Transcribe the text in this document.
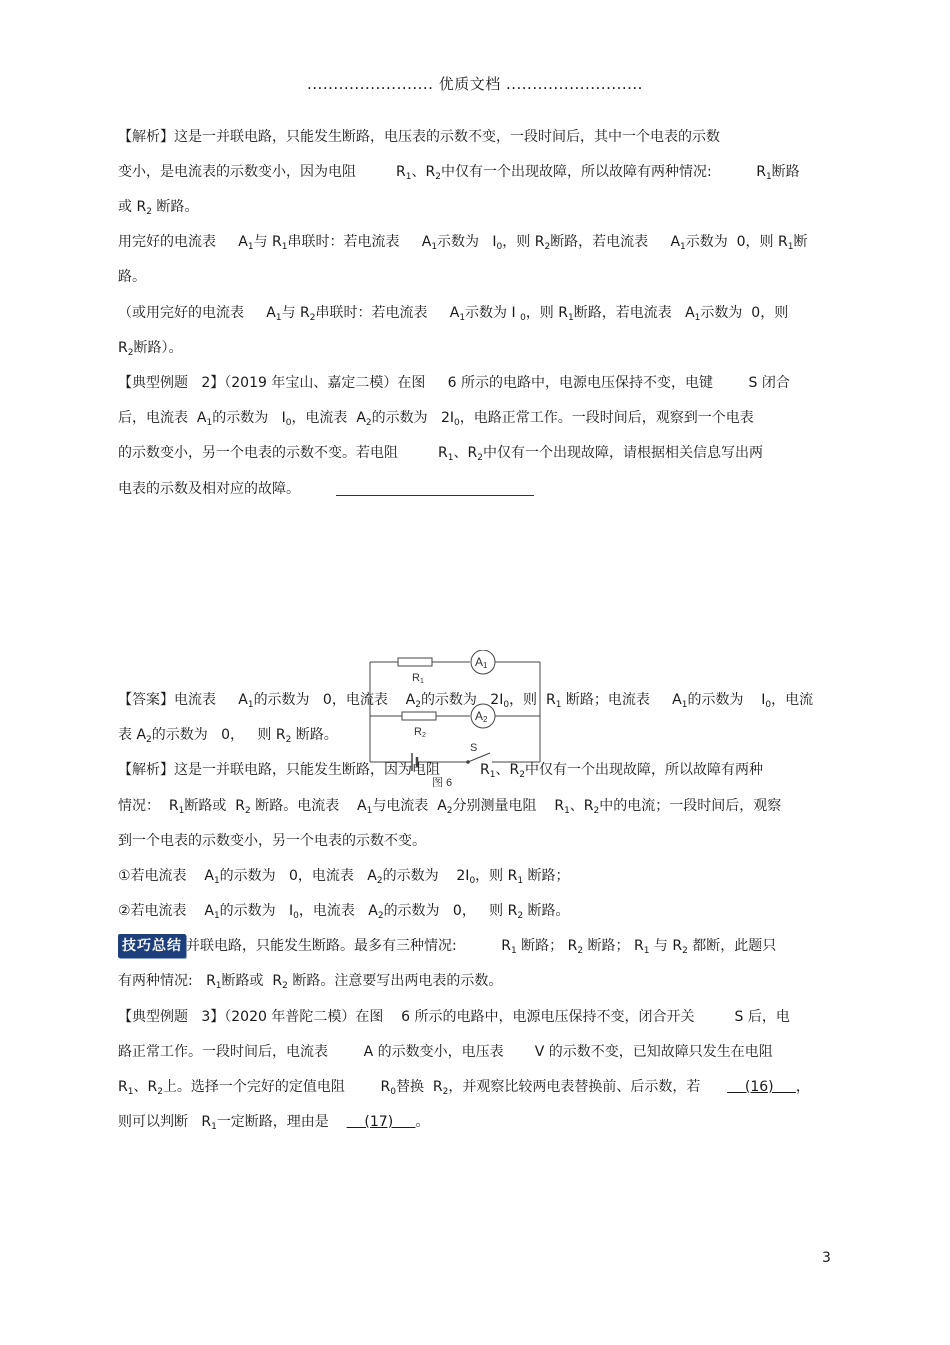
........................ 优质文档 ..........................
【解析】这是一并联电路，只能发生断路，电压表的示数不变，一段时间后，其中一个电表的示数
变小，是电流表的示数变小，因为电阻         $R_1$、$R_2$中仅有一个出现故障，所以故障有两种情况:          $R_1$断路
或 $R_2$ 断路。
用完好的电流表     $A_1$与 $R_1$串联时：若电流表     $A_1$示数为   $I_0$，则 $R_2$断路，若电流表     $A_1$示数为  0，则 $R_1$断
路。
（或用完好的电流表     $A_1$与 $R_2$串联时：若电流表     $A_1$示数为 I $_0$，则 $R_1$断路，若电流表   $A_1$示数为  0，则
$R_2$断路）。
【典型例题   2】（2019 年宝山、嘉定二模）在图     6 所示的电路中，电源电压保持不变，电键        S 闭合
后，电流表  $A_1$的示数为   $I_0$，电流表  $A_2$的示数为   $2I_0$，电路正常工作。一段时间后，观察到一个电表
的示数变小，另一个电表的示数不变。若电阻         $R_1$、$R_2$中仅有一个出现故障，请根据相关信息写出两
电表的示数及相对应的故障。
R1
R2
A1
A2
S
图 6
【答案】电流表     $A_1$的示数为   0，电流表    $A_2$的示数为   $2I_0$，则  $R_1$ 断路；电流表     $A_1$的示数为    $I_0$，电流
表 $A_2$的示数为   0，   则 $R_2$ 断路。
【解析】这是一并联电路，只能发生断路，因为电阻         $R_1$、$R_2$中仅有一个出现故障，所以故障有两种
情况：  $R_1$断路或  $R_2$ 断路。电流表    $A_1$与电流表  $A_2$分别测量电阻    $R_1$、$R_2$中的电流；一段时间后，观察
到一个电表的示数变小，另一个电表的示数不变。
①若电流表    $A_1$的示数为   0，电流表   $A_2$的示数为    $2I_0$，则 $R_1$ 断路；
②若电流表    $A_1$的示数为   $I_0$，电流表   $A_2$的示数为   0，   则 $R_2$ 断路。
技巧总结 并联电路，只能发生断路。最多有三种情况:          $R_1$ 断路； $R_2$ 断路； $R_1$ 与 $R_2$ 都断，此题只
有两种情况:   $R_1$断路或  $R_2$ 断路。注意要写出两电表的示数。
【典型例题   3】（2020 年普陀二模）在图    6 所示的电路中，电源电压保持不变，闭合开关         S 后，电
路正常工作。一段时间后，电流表        A 的示数变小，电压表       V 的示数不变，已知故障只发生在电阻
$R_1$、$R_2$上。选择一个完好的定值电阻        $R_0$替换  $R_2$，并观察比较两电表替换前、后示数，若          (16)     ，
则可以判断   $R_1$一定断路，理由是        (17)     。
3
